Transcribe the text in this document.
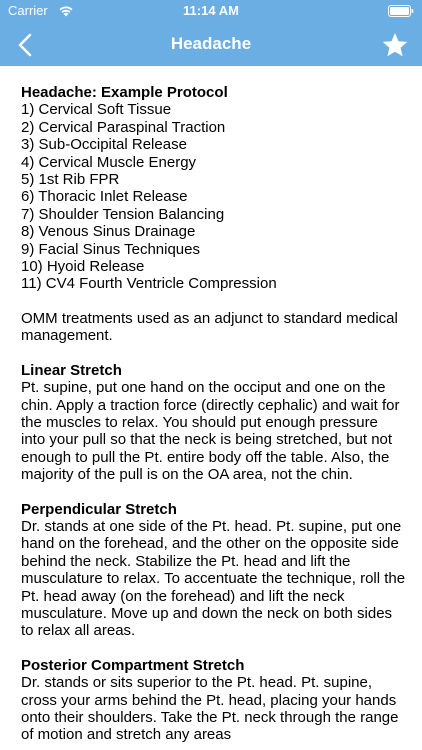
Carrier	11:14 AM
Headache
Headache: Example Protocol

1) Cervical Soft Tissue

2) Cervical Paraspinal Traction

3) Sub-Occipital Release

4) Cervical Muscle Energy

5) 1st Rib FPR

6) Thoracic Inlet Release

7) Shoulder Tension Balancing

8) Venous Sinus Drainage

9) Facial Sinus Techniques

10) Hyoid Release

11) CV4 Fourth Ventricle Compression

OMM treatments used as an adjunct to standard medical management.

Linear Stretch

Pt. supine, put one hand on the occiput and one on the chin. Apply a traction force (directly cephalic) and wait for the muscles to relax. You should put enough pressure into your pull so that the neck is being stretched, but not enough to pull the Pt. entire body off the table. Also, the majority of the pull is on the OA area, not the chin.

Perpendicular Stretch

Dr. stands at one side of the Pt. head. Pt. supine, put one hand on the forehead, and the other on the opposite side behind the neck. Stabilize the Pt. head and lift the musculature to relax. To accentuate the technique, roll the Pt. head away (on the forehead) and lift the neck musculature. Move up and down the neck on both sides to relax all areas.

Posterior Compartment Stretch

Dr. stands or sits superior to the Pt. head. Pt. supine, cross your arms behind the Pt. head, placing your hands onto their shoulders. Take the Pt. neck through the range of motion and stretch any areas
